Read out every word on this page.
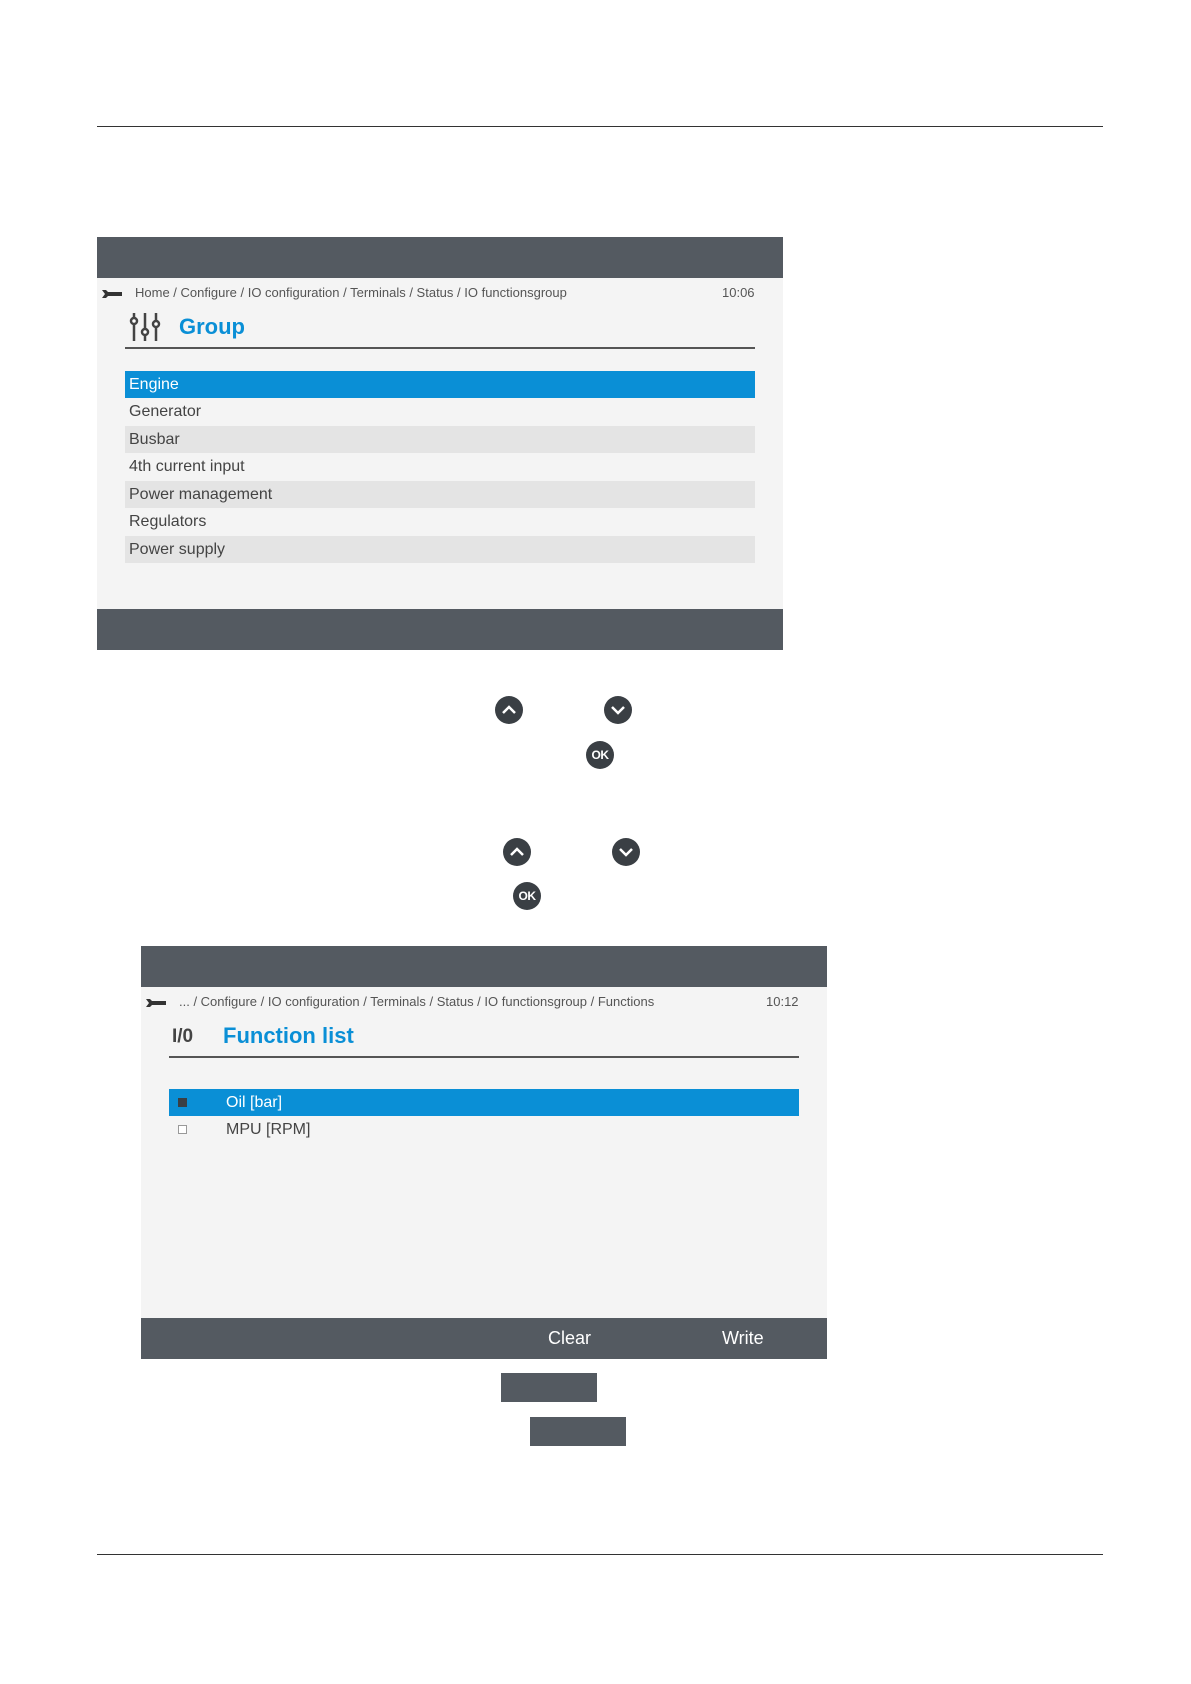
Home / Configure / IO configuration / Terminals / Status / IO functionsgroup	10:06
Group
Engine
Generator
Busbar
4th current input
Power management
Regulators
Power supply
OK
OK
... / Configure / IO configuration / Terminals / Status / IO functionsgroup / Functions	10:12
I/0 Function list
Oil [bar]
MPU [RPM]
Clear	Write
